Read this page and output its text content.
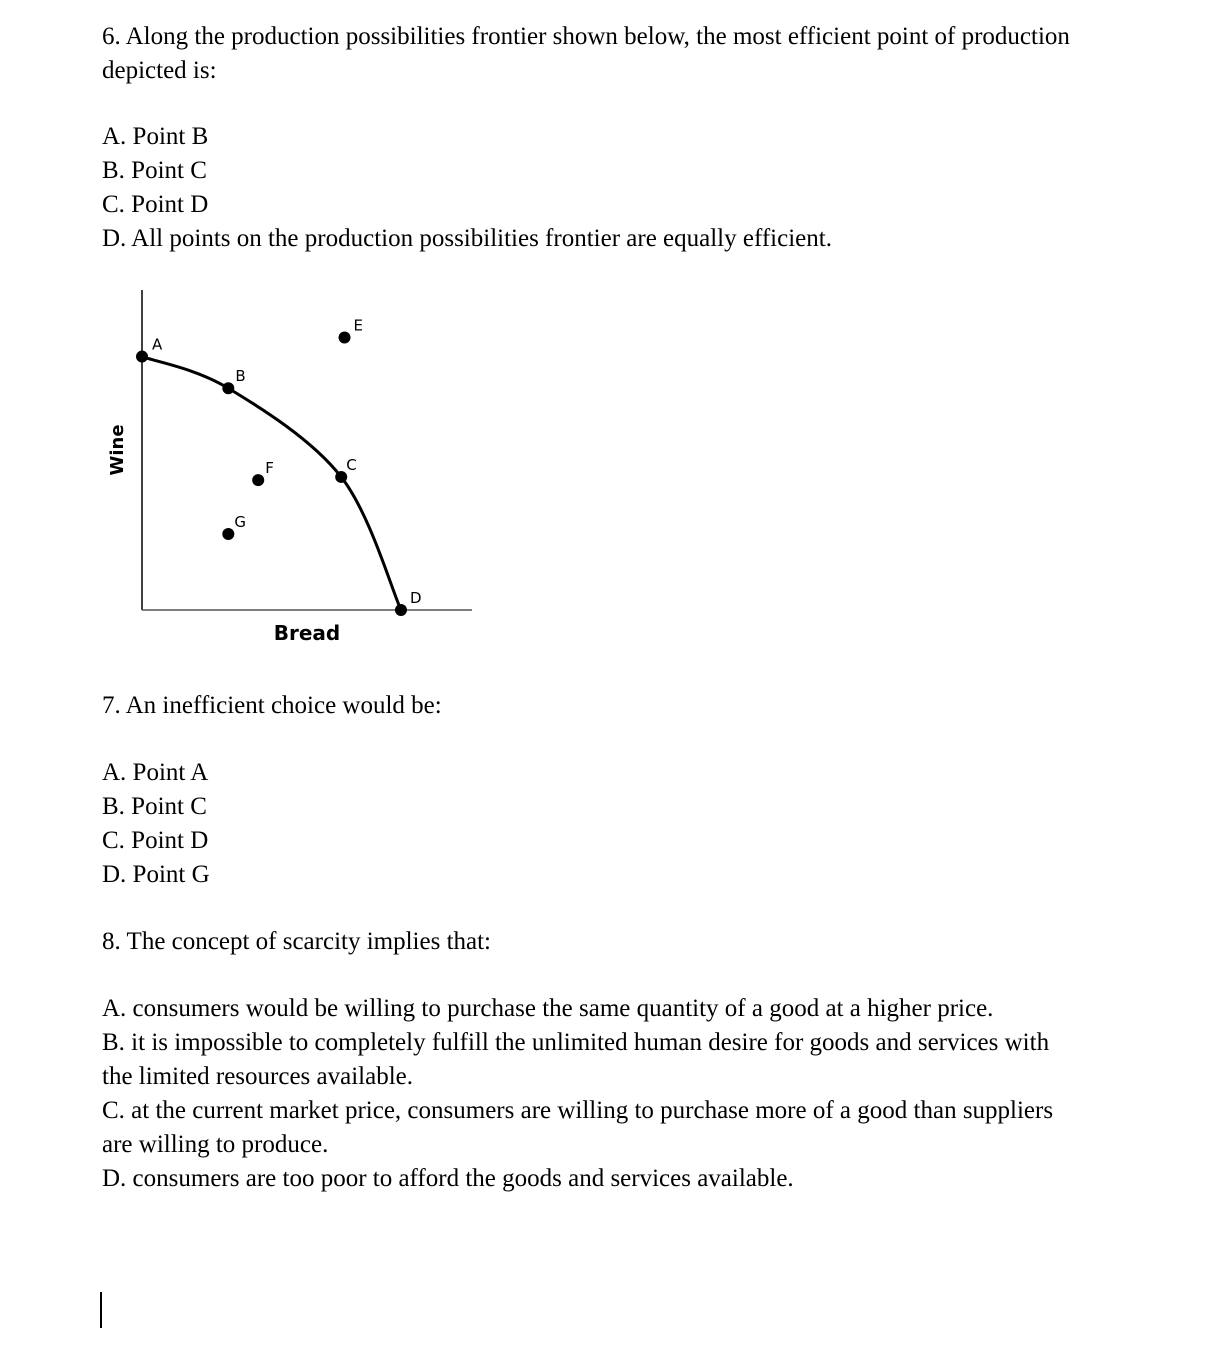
6. Along the production possibilities frontier shown below, the most efficient point of production
depicted is:
A. Point B
B. Point C
C. Point D
D. All points on the production possibilities frontier are equally efficient.
A
B
C
D
E
F
G
Bread
Wine
7. An inefficient choice would be:
A. Point A
B. Point C
C. Point D
D. Point G
8. The concept of scarcity implies that:
A. consumers would be willing to purchase the same quantity of a good at a higher price.
B. it is impossible to completely fulfill the unlimited human desire for goods and services with
the limited resources available.
C. at the current market price, consumers are willing to purchase more of a good than suppliers
are willing to produce.
D. consumers are too poor to afford the goods and services available.
